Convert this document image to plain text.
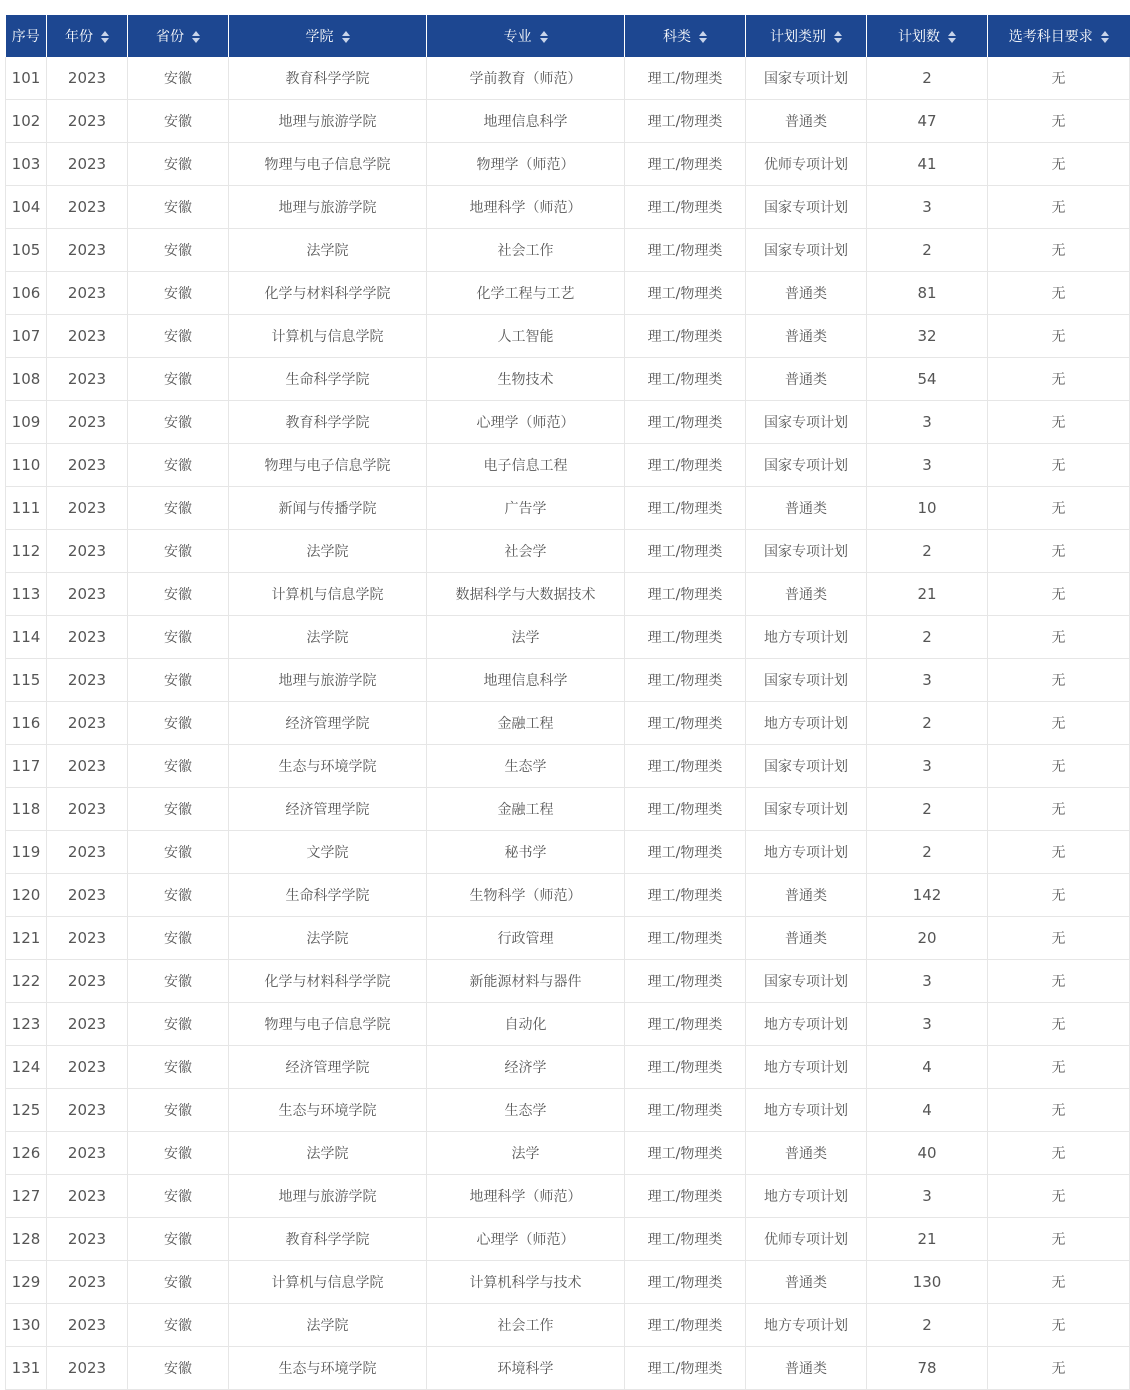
序号	年份	省份	学院	专业	科类	计划类别	计划数	选考科目要求
101	2023	安徽	教育科学学院	学前教育（师范）	理工/物理类	国家专项计划	2	无
102	2023	安徽	地理与旅游学院	地理信息科学	理工/物理类	普通类	47	无
103	2023	安徽	物理与电子信息学院	物理学（师范）	理工/物理类	优师专项计划	41	无
104	2023	安徽	地理与旅游学院	地理科学（师范）	理工/物理类	国家专项计划	3	无
105	2023	安徽	法学院	社会工作	理工/物理类	国家专项计划	2	无
106	2023	安徽	化学与材料科学学院	化学工程与工艺	理工/物理类	普通类	81	无
107	2023	安徽	计算机与信息学院	人工智能	理工/物理类	普通类	32	无
108	2023	安徽	生命科学学院	生物技术	理工/物理类	普通类	54	无
109	2023	安徽	教育科学学院	心理学（师范）	理工/物理类	国家专项计划	3	无
110	2023	安徽	物理与电子信息学院	电子信息工程	理工/物理类	国家专项计划	3	无
111	2023	安徽	新闻与传播学院	广告学	理工/物理类	普通类	10	无
112	2023	安徽	法学院	社会学	理工/物理类	国家专项计划	2	无
113	2023	安徽	计算机与信息学院	数据科学与大数据技术	理工/物理类	普通类	21	无
114	2023	安徽	法学院	法学	理工/物理类	地方专项计划	2	无
115	2023	安徽	地理与旅游学院	地理信息科学	理工/物理类	国家专项计划	3	无
116	2023	安徽	经济管理学院	金融工程	理工/物理类	地方专项计划	2	无
117	2023	安徽	生态与环境学院	生态学	理工/物理类	国家专项计划	3	无
118	2023	安徽	经济管理学院	金融工程	理工/物理类	国家专项计划	2	无
119	2023	安徽	文学院	秘书学	理工/物理类	地方专项计划	2	无
120	2023	安徽	生命科学学院	生物科学（师范）	理工/物理类	普通类	142	无
121	2023	安徽	法学院	行政管理	理工/物理类	普通类	20	无
122	2023	安徽	化学与材料科学学院	新能源材料与器件	理工/物理类	国家专项计划	3	无
123	2023	安徽	物理与电子信息学院	自动化	理工/物理类	地方专项计划	3	无
124	2023	安徽	经济管理学院	经济学	理工/物理类	地方专项计划	4	无
125	2023	安徽	生态与环境学院	生态学	理工/物理类	地方专项计划	4	无
126	2023	安徽	法学院	法学	理工/物理类	普通类	40	无
127	2023	安徽	地理与旅游学院	地理科学（师范）	理工/物理类	地方专项计划	3	无
128	2023	安徽	教育科学学院	心理学（师范）	理工/物理类	优师专项计划	21	无
129	2023	安徽	计算机与信息学院	计算机科学与技术	理工/物理类	普通类	130	无
130	2023	安徽	法学院	社会工作	理工/物理类	地方专项计划	2	无
131	2023	安徽	生态与环境学院	环境科学	理工/物理类	普通类	78	无
